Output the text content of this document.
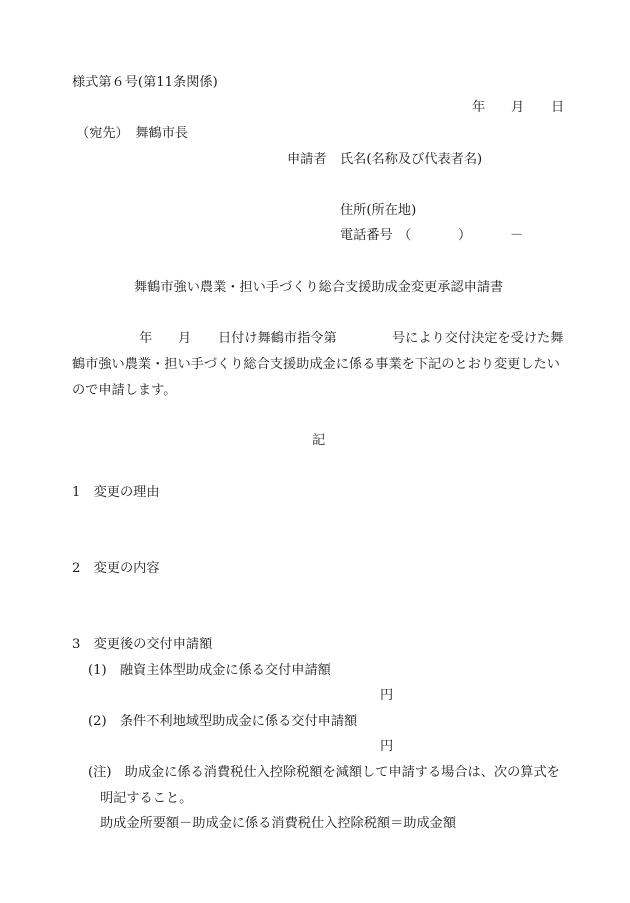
様式第６号(第11条関係)
年 月 日
（宛先）　舞鶴市長
申請者 氏名(名称及び代表者名)
住所(所在地)
電話番号 （	）	－
舞鶴市強い農業・担い手づくり総合支援助成金変更承認申請書
年 月 日付け舞鶴市指令第	号により交付決定を受けた舞
鶴市強い農業・担い手づくり総合支援助成金に係る事業を下記のとおり変更したい
ので申請します。
記
1　変更の理由
2　変更の内容
3　変更後の交付申請額
(1)　融資主体型助成金に係る交付申請額
円
(2)　条件不利地域型助成金に係る交付申請額
円
(注)　助成金に係る消費税仕入控除税額を減額して申請する場合は、次の算式を
明記すること。
助成金所要額－助成金に係る消費税仕入控除税額＝助成金額
